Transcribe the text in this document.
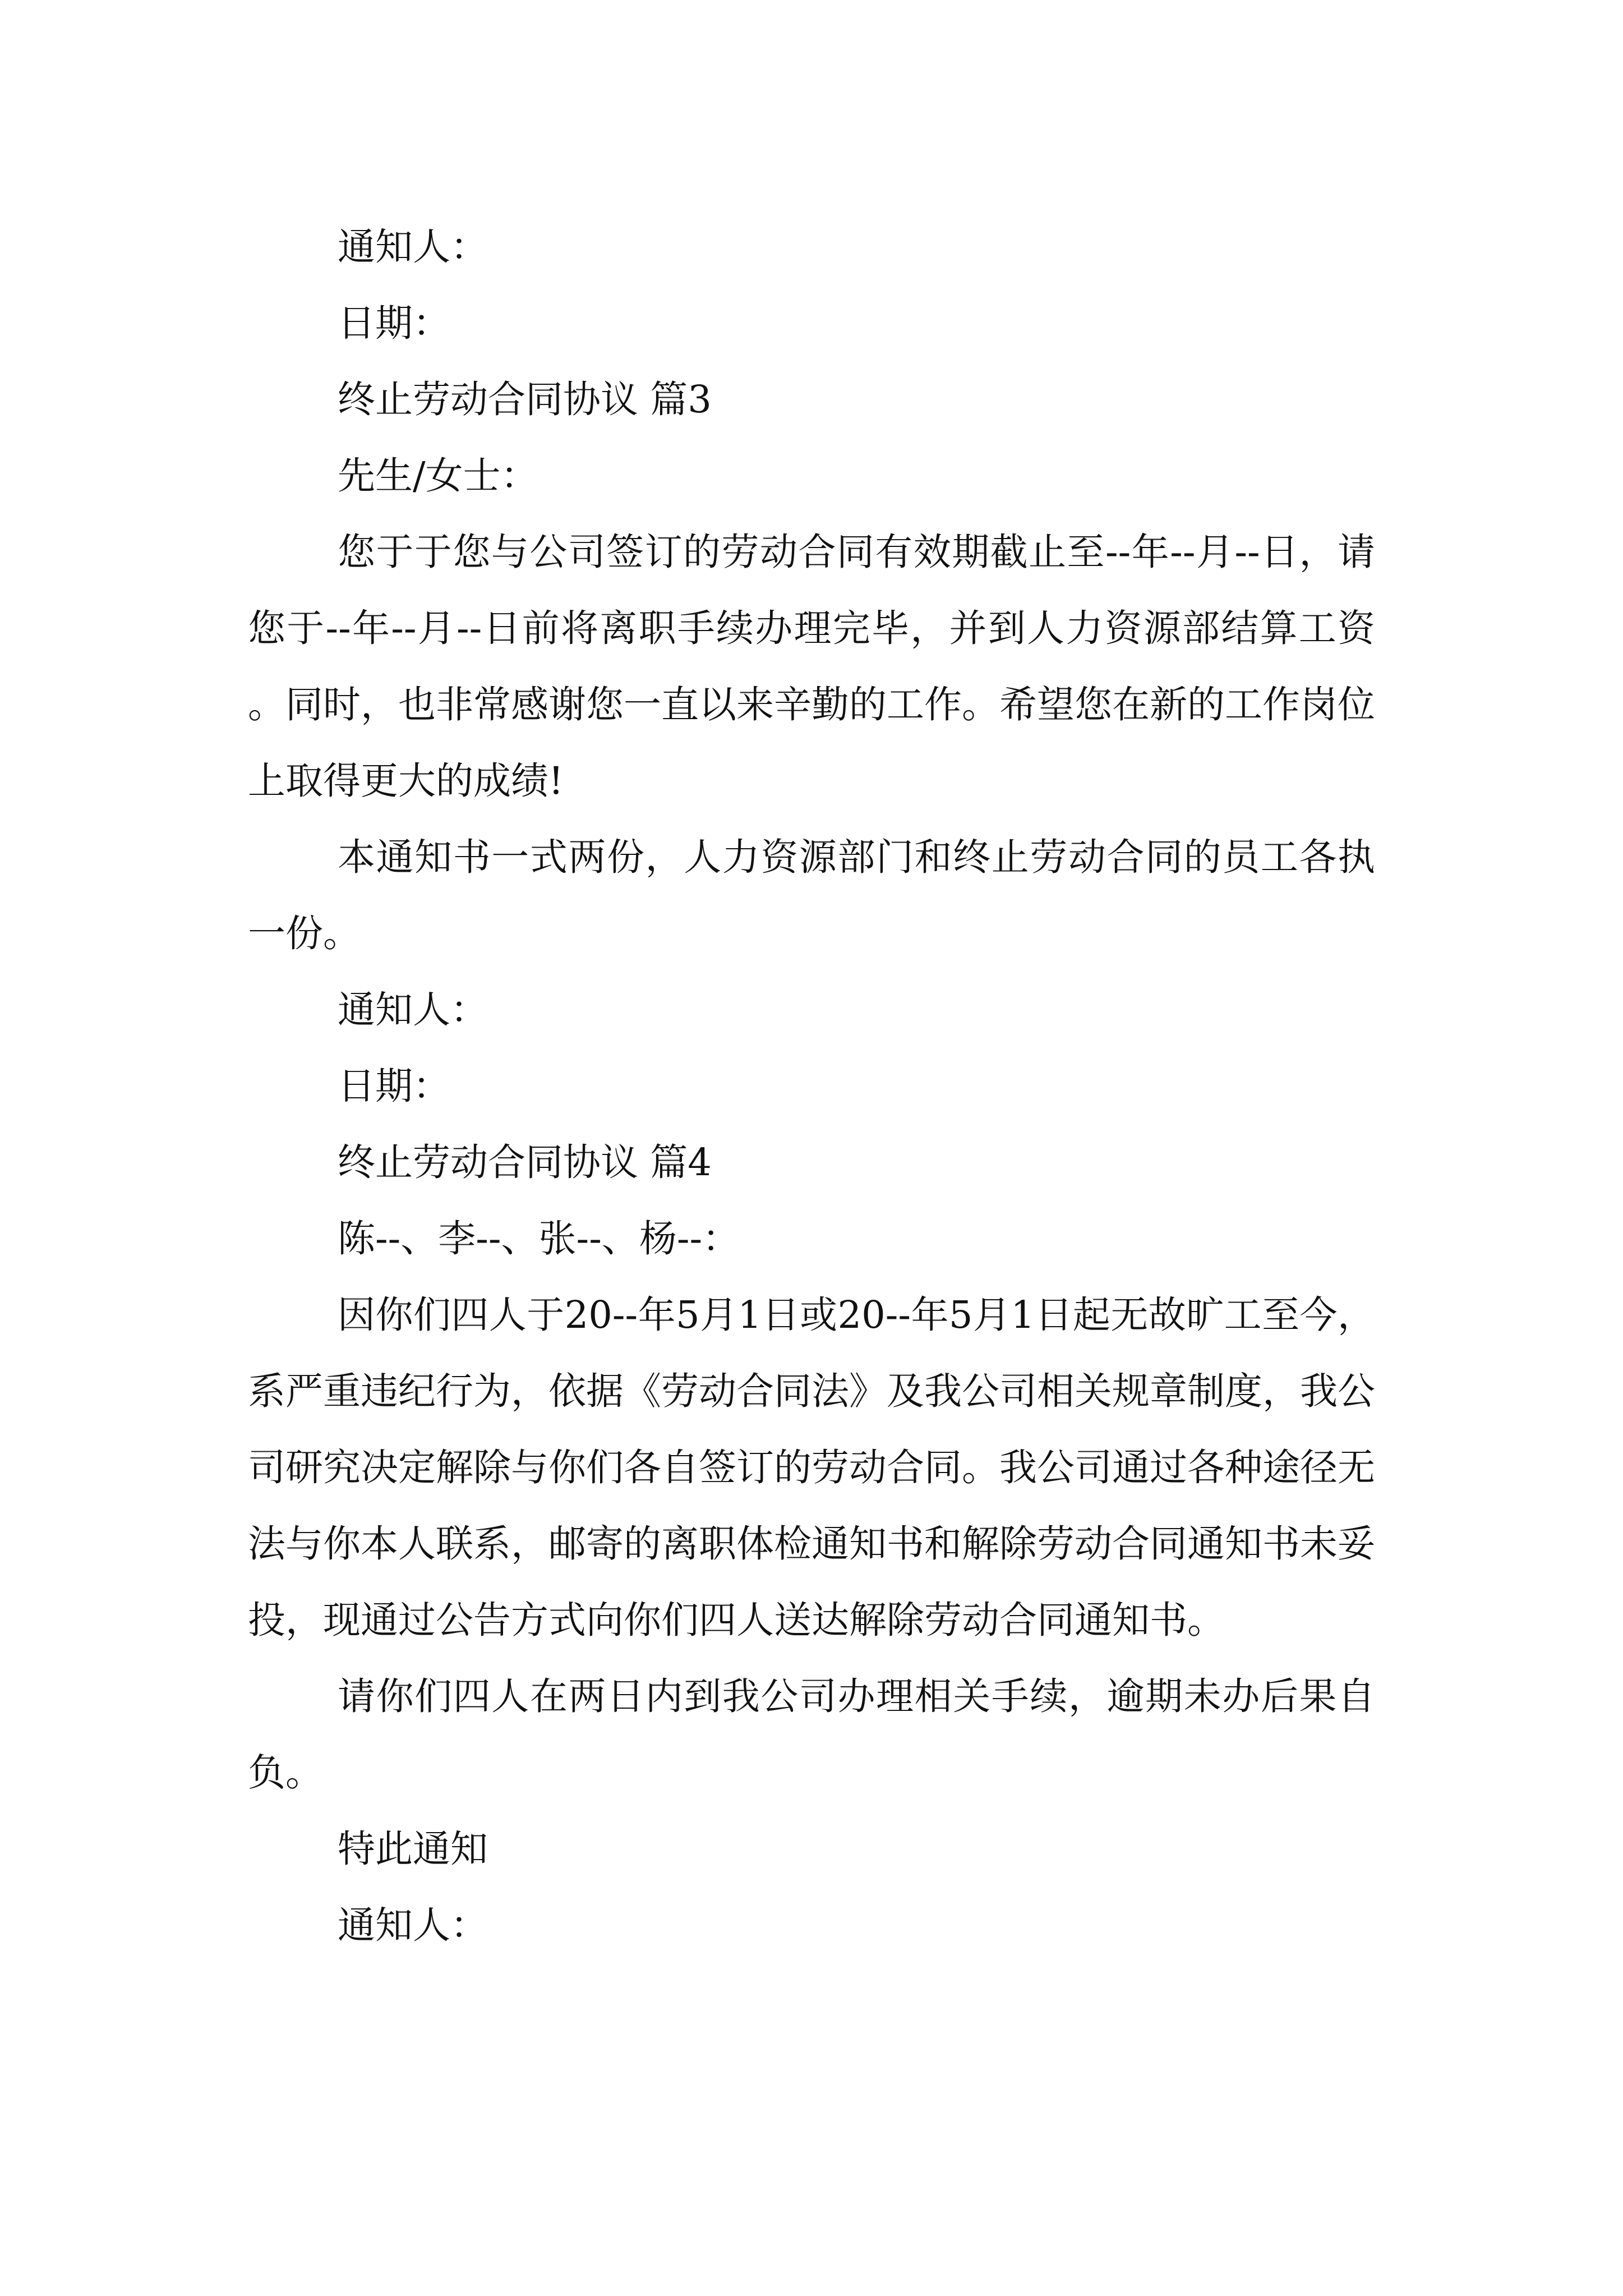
通知人：

日期：

终止劳动合同协议 篇3

先生/女士：

您于于您与公司签订的劳动合同有效期截止至--年--月--日，请您于--年--月--日前将离职手续办理完毕，并到人力资源部结算工资。同时，也非常感谢您一直以来辛勤的工作。希望您在新的工作岗位上取得更大的成绩!

本通知书一式两份，人力资源部门和终止劳动合同的员工各执一份。

通知人：

日期：

终止劳动合同协议 篇4

陈--、李--、张--、杨--：

因你们四人于20--年5月1日或20--年5月1日起无故旷工至今，系严重违纪行为，依据《劳动合同法》及我公司相关规章制度，我公司研究决定解除与你们各自签订的劳动合同。我公司通过各种途径无法与你本人联系，邮寄的离职体检通知书和解除劳动合同通知书未妥投，现通过公告方式向你们四人送达解除劳动合同通知书。

请你们四人在两日内到我公司办理相关手续，逾期未办后果自负。

特此通知

通知人：
